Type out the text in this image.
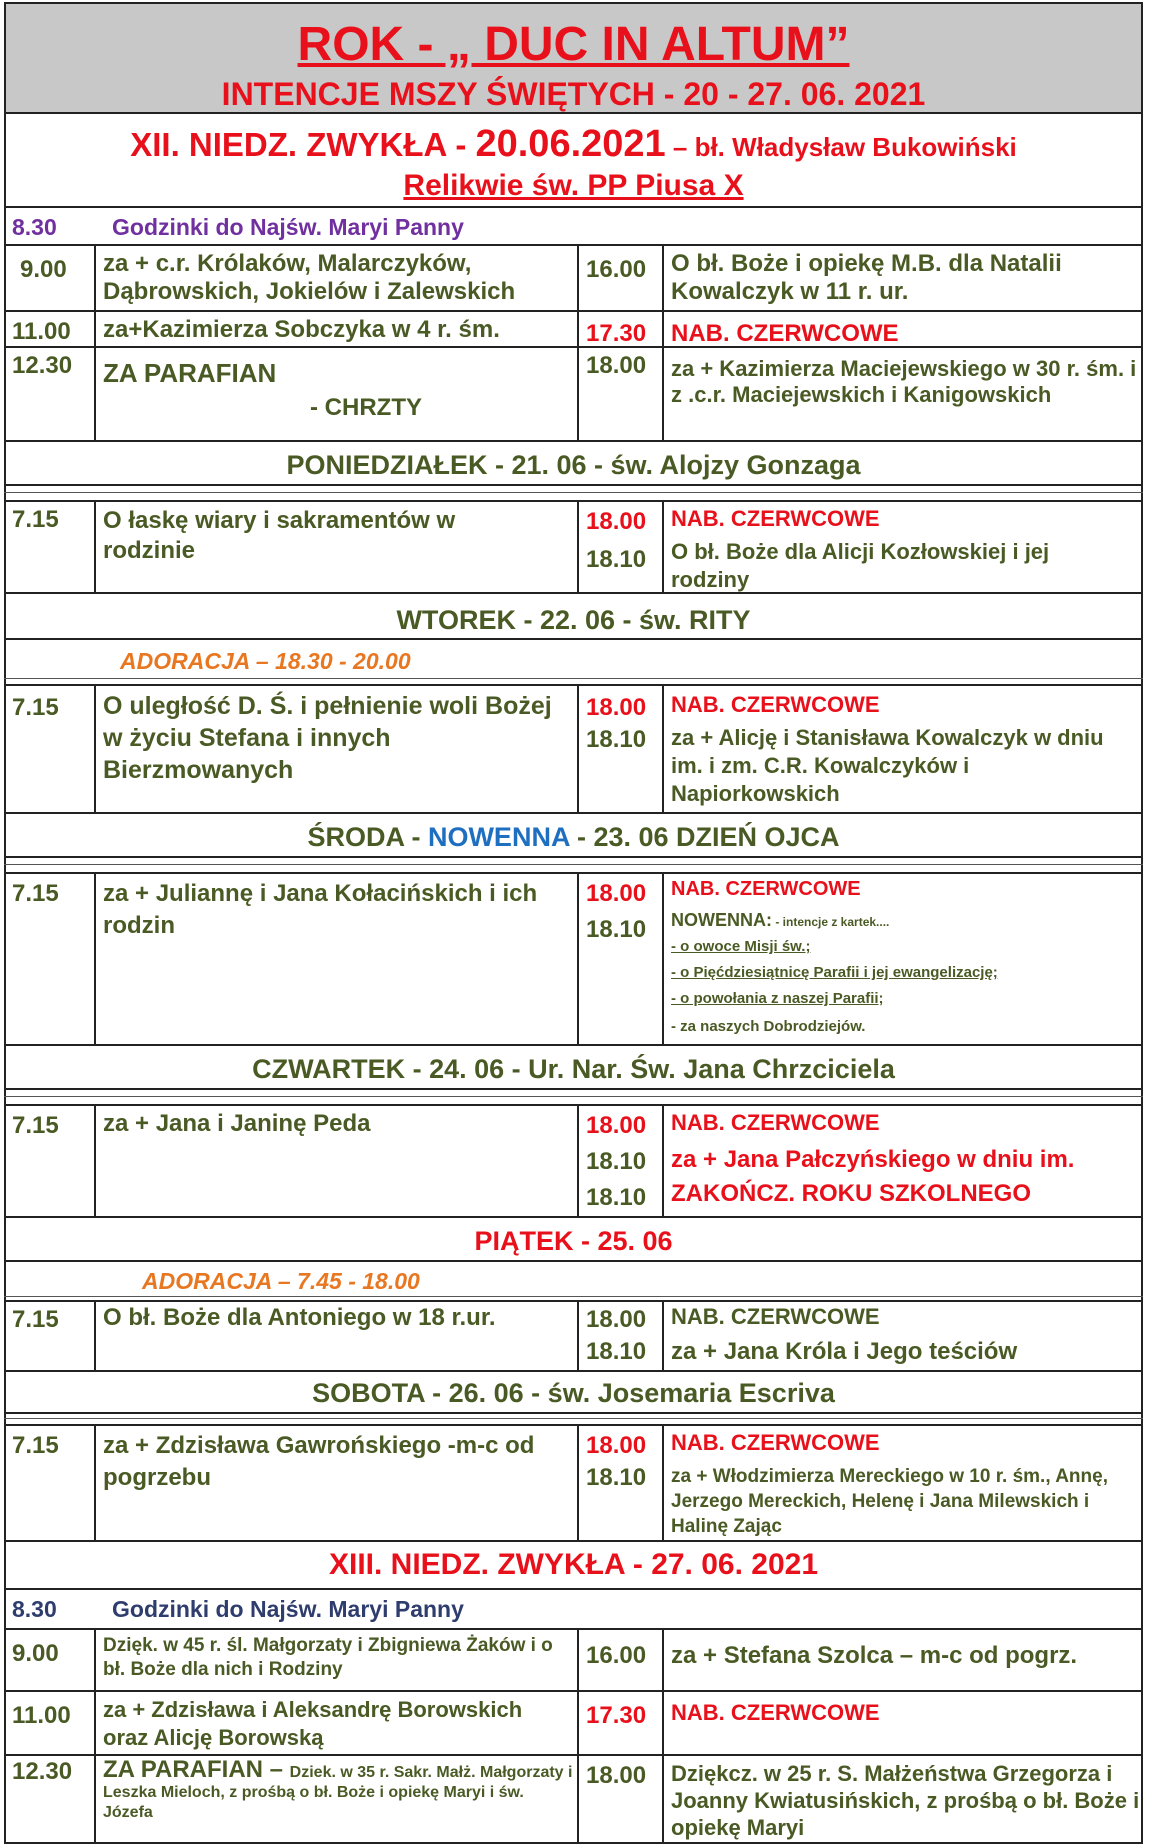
ROK - „ DUC IN ALTUM”
INTENCJE MSZY ŚWIĘTYCH - 20 - 27. 06. 2021
XII. NIEDZ. ZWYKŁA - 20.06.2021 – bł. Władysław Bukowiński
Relikwie św. PP Piusa X
8.30 Godzinki do Najśw. Maryi Panny
9.00 za + c.r. Królaków, Malarczyków, Dąbrowskich, Jokielów i Zalewskich
16.00 O bł. Boże i opiekę M.B. dla Natalii Kowalczyk w 11 r. ur.
11.00 za+Kazimierza Sobczyka w 4 r. śm.	17.30 NAB. CZERWCOWE
12.30 ZA PARAFIAN
- CHRZTY
18.00 za + Kazimierza Maciejewskiego w 30 r. śm. i z .c.r. Maciejewskich i Kanigowskich
PONIEDZIAŁEK - 21. 06 - św. Alojzy Gonzaga
7.15 O łaskę wiary i sakramentów w rodzinie
18.00 NAB. CZERWCOWE
18.10 O bł. Boże dla Alicji Kozłowskiej i jej rodziny
WTOREK - 22. 06 - św. RITY
ADORACJA – 18.30 - 20.00
7.15 O uległość D. Ś. i pełnienie woli Bożej w życiu Stefana i innych Bierzmowanych
18.00 NAB. CZERWCOWE
18.10 za + Alicję i Stanisława Kowalczyk w dniu im. i zm. C.R. Kowalczyków i Napiorkowskich
ŚRODA - NOWENNA - 23. 06 DZIEŃ OJCA
7.15 za + Juliannę i Jana Kołacińskich i ich rodzin
18.00 NAB. CZERWCOWE
18.10 NOWENNA: - intencje z kartek....
- o owoce Misji św.;
- o Pięćdziesiątnicę Parafii i jej ewangelizację;
- o powołania z naszej Parafii;
- za naszych Dobrodziejów.
CZWARTEK - 24. 06 - Ur. Nar. Św. Jana Chrzciciela
7.15 za + Jana i Janinę Peda	18.00 NAB. CZERWCOWE
18.10 za + Jana Pałczyńskiego w dniu im.
18.10 ZAKOŃCZ. ROKU SZKOLNEGO
PIĄTEK - 25. 06
ADORACJA – 7.45 - 18.00
7.15 O bł. Boże dla Antoniego w 18 r.ur.	18.00 NAB. CZERWCOWE
18.10 za + Jana Króla i Jego teściów
SOBOTA - 26. 06 - św. Josemaria Escriva
7.15 za + Zdzisława Gawrońskiego -m-c od pogrzebu
18.00 NAB. CZERWCOWE
18.10 za + Włodzimierza Mereckiego w 10 r. śm., Annę, Jerzego Mereckich, Helenę i Jana Milewskich i Halinę Zając
XIII. NIEDZ. ZWYKŁA - 27. 06. 2021
8.30 Godzinki do Najśw. Maryi Panny
9.00 Dzięk. w 45 r. śl. Małgorzaty i Zbigniewa Żaków i o bł. Boże dla nich i Rodziny
16.00 za + Stefana Szolca – m-c od pogrz.
11.00 za + Zdzisława i Aleksandrę Borowskich oraz Alicję Borowską
17.30 NAB. CZERWCOWE
12.30 ZA PARAFIAN – Dziek. w 35 r. Sakr. Małż. Małgorzaty i Leszka Mieloch, z prośbą o bł. Boże i opiekę Maryi i św. Józefa
18.00 Dziękcz. w 25 r. S. Małżeństwa Grzegorza i Joanny Kwiatusińskich, z prośbą o bł. Boże i opiekę Maryi
